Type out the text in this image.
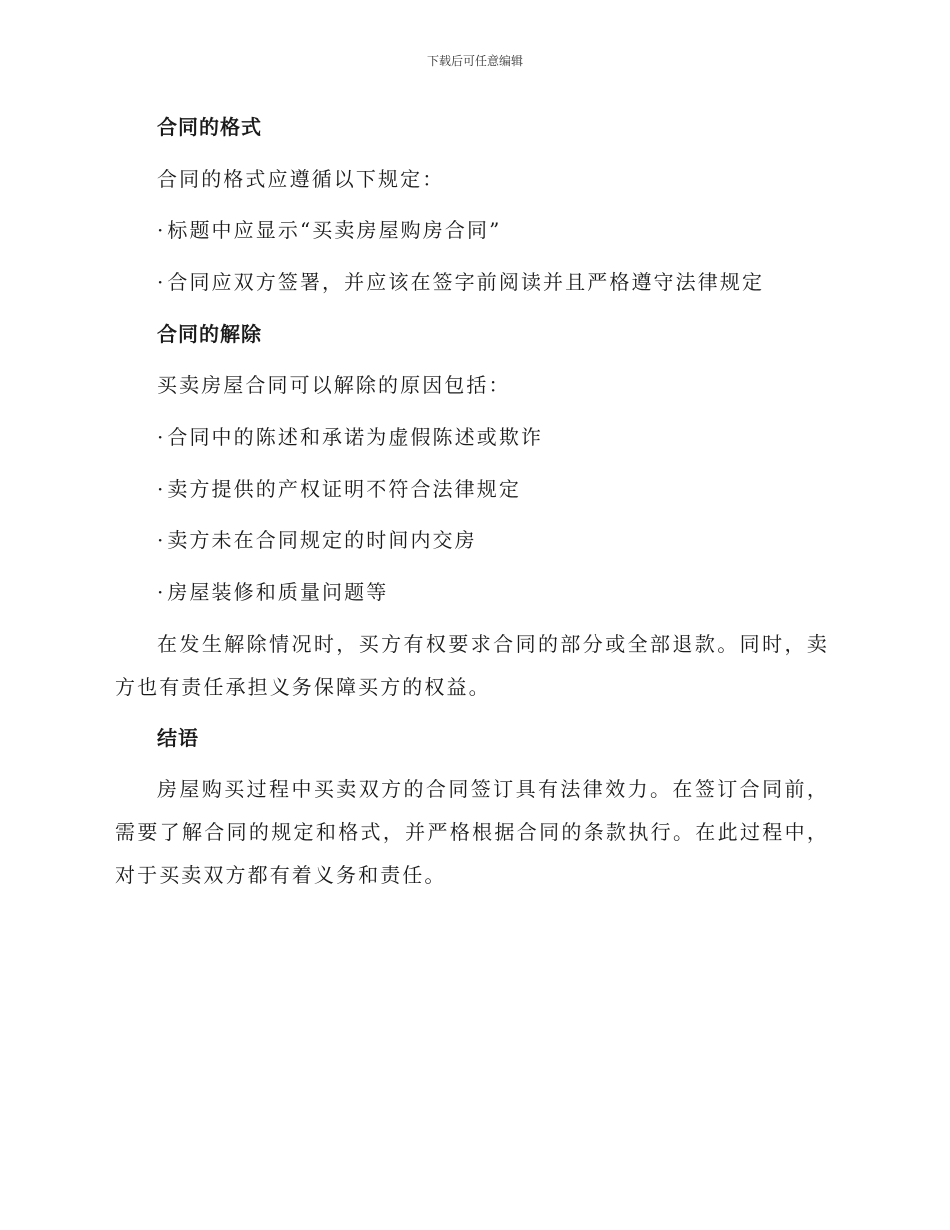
下载后可任意编辑
合同的格式
合同的格式应遵循以下规定：
· 标题中应显示“买卖房屋购房合同”
· 合同应双方签署，并应该在签字前阅读并且严格遵守法律规定
合同的解除
买卖房屋合同可以解除的原因包括：
· 合同中的陈述和承诺为虚假陈述或欺诈
· 卖方提供的产权证明不符合法律规定
· 卖方未在合同规定的时间内交房
· 房屋装修和质量问题等
在发生解除情况时，买方有权要求合同的部分或全部退款。同时，卖方也有责任承担义务保障买方的权益。
结语
房屋购买过程中买卖双方的合同签订具有法律效力。在签订合同前，需要了解合同的规定和格式，并严格根据合同的条款执行。在此过程中，对于买卖双方都有着义务和责任。
